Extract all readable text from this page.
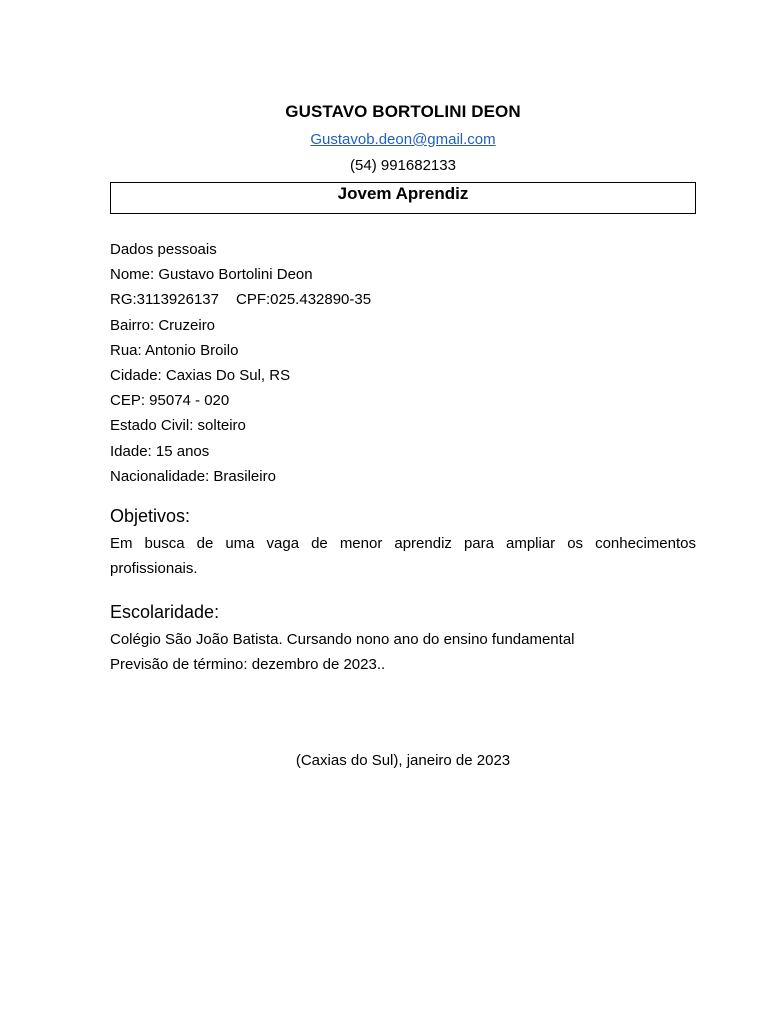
GUSTAVO BORTOLINI DEON
Gustavob.deon@gmail.com
(54) 991682133
Jovem Aprendiz
Dados pessoais
Nome: Gustavo Bortolini Deon
RG:3113926137 CPF:025.432890-35
Bairro: Cruzeiro
Rua: Antonio Broilo
Cidade: Caxias Do Sul, RS
CEP: 95074 - 020
Estado Civil: solteiro
Idade: 15 anos
Nacionalidade: Brasileiro
Objetivos:
Em busca de uma vaga de menor aprendiz para ampliar os conhecimentos
profissionais.
Escolaridade:
Colégio São João Batista. Cursando nono ano do ensino fundamental
Previsão de término: dezembro de 2023..
(Caxias do Sul), janeiro de 2023
